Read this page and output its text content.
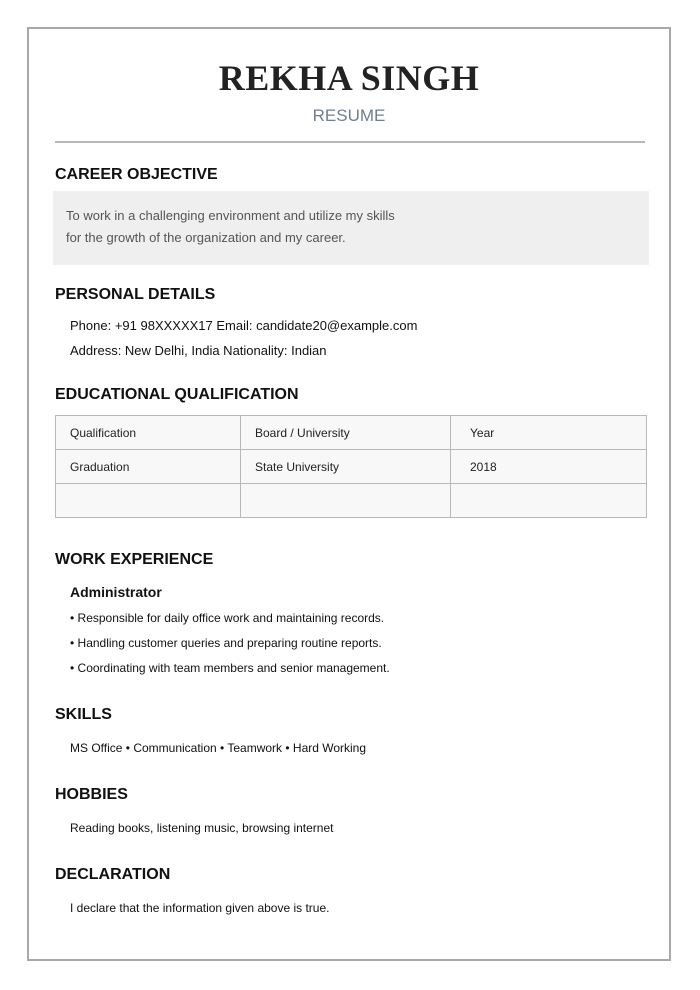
REKHA SINGH
RESUME
CAREER OBJECTIVE
To work in a challenging environment and utilize my skills
for the growth of the organization and my career.
PERSONAL DETAILS
Phone: +91 98XXXXX17 Email: candidate20@example.com
Address: New Delhi, India Nationality: Indian
EDUCATIONAL QUALIFICATION
Qualification	Board / University	Year
Graduation	State University	2018

WORK EXPERIENCE
Administrator
• Responsible for daily office work and maintaining records.
• Handling customer queries and preparing routine reports.
• Coordinating with team members and senior management.
SKILLS
MS Office • Communication • Teamwork • Hard Working
HOBBIES
Reading books, listening music, browsing internet
DECLARATION
I declare that the information given above is true.
